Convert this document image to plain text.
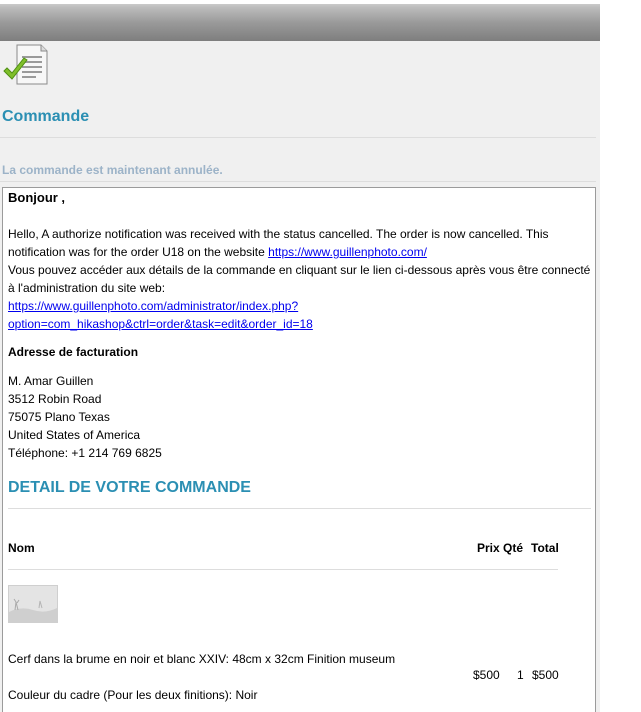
Commande
La commande est maintenant annulée.
Bonjour ,

Hello, A authorize notification was received with the status cancelled. The order is now cancelled. This notification was for the order U18 on the website https://www.guillenphoto.com/

Vous pouvez accéder aux détails de la commande en cliquant sur le lien ci-dessous après vous être connecté à l'administration du site web:

https://www.guillenphoto.com/administrator/index.php?
option=com_hikashop&ctrl=order&task=edit&order_id=18

Adresse de facturation
M. Amar Guillen
3512 Robin Road
75075 Plano Texas
United States of America
Téléphone: +1 214 769 6825
DETAIL DE VOTRE COMMANDE
Nom	Prix Qté Total
Cerf dans la brume en noir et blanc XXIV: 48cm x 32cm Finition museum
$500 1 $500
Couleur du cadre (Pour les deux finitions): Noir
